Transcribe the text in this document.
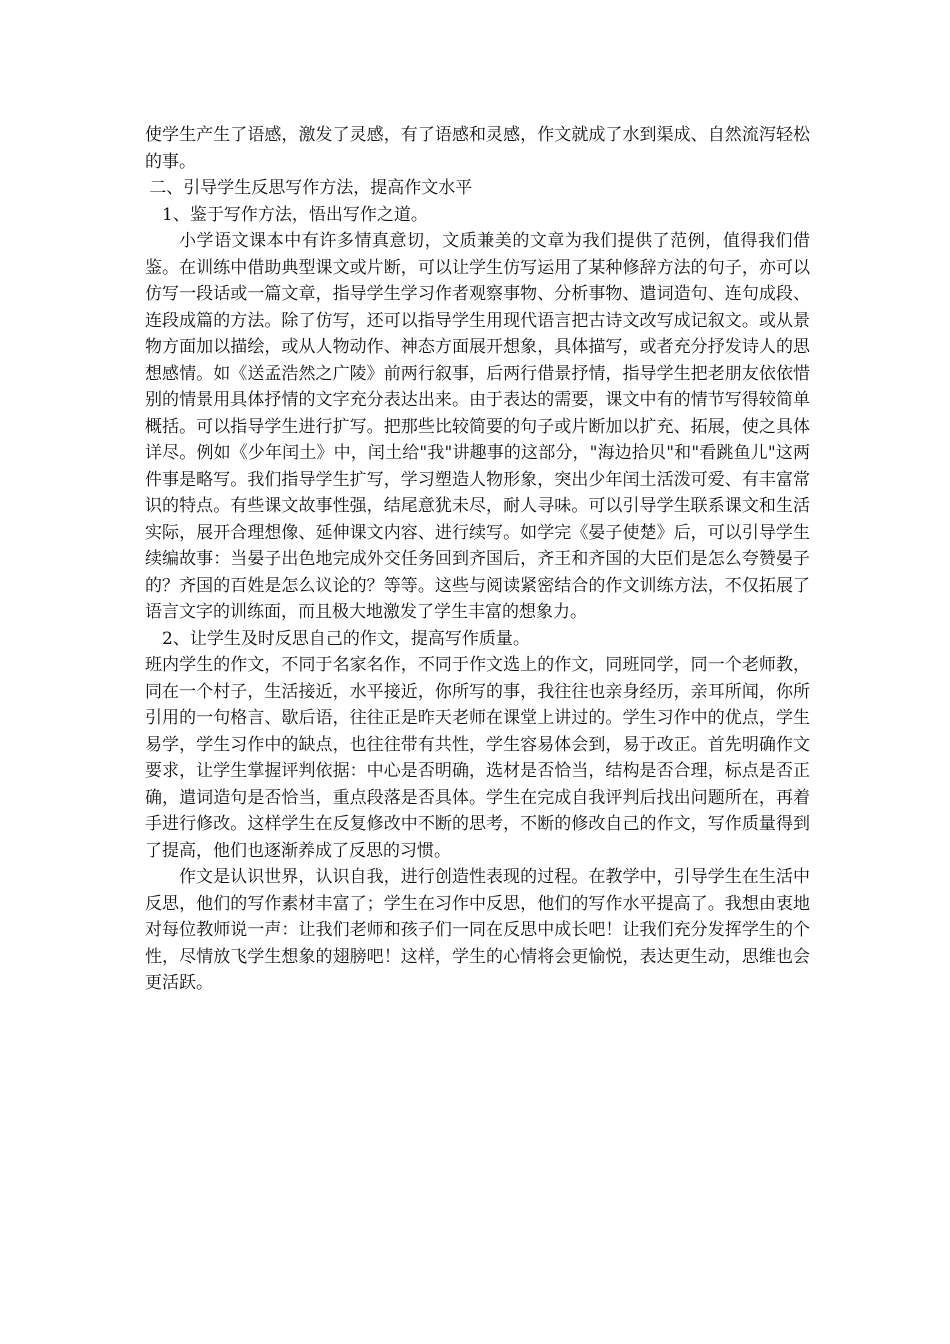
使学生产生了语感，激发了灵感，有了语感和灵感，作文就成了水到渠成、自然流泻轻松的事。

二、引导学生反思写作方法，提高作文水平

1、鉴于写作方法，悟出写作之道。

小学语文课本中有许多情真意切，文质兼美的文章为我们提供了范例，值得我们借鉴。在训练中借助典型课文或片断，可以让学生仿写运用了某种修辞方法的句子，亦可以仿写一段话或一篇文章，指导学生学习作者观察事物、分析事物、遣词造句、连句成段、连段成篇的方法。除了仿写，还可以指导学生用现代语言把古诗文改写成记叙文。或从景物方面加以描绘，或从人物动作、神态方面展开想象，具体描写，或者充分抒发诗人的思想感情。如《送孟浩然之广陵》前两行叙事，后两行借景抒情，指导学生把老朋友依依惜别的情景用具体抒情的文字充分表达出来。由于表达的需要，课文中有的情节写得较简单概括。可以指导学生进行扩写。把那些比较简要的句子或片断加以扩充、拓展，使之具体详尽。例如《少年闰土》中，闰土给"我"讲趣事的这部分，"海边拾贝"和"看跳鱼儿"这两件事是略写。我们指导学生扩写，学习塑造人物形象，突出少年闰土活泼可爱、有丰富常识的特点。有些课文故事性强，结尾意犹未尽，耐人寻味。可以引导学生联系课文和生活实际，展开合理想像、延伸课文内容、进行续写。如学完《晏子使楚》后，可以引导学生续编故事：当晏子出色地完成外交任务回到齐国后，齐王和齐国的大臣们是怎么夸赞晏子的？齐国的百姓是怎么议论的？等等。这些与阅读紧密结合的作文训练方法，不仅拓展了语言文字的训练面，而且极大地激发了学生丰富的想象力。

2、让学生及时反思自己的作文，提高写作质量。

班内学生的作文，不同于名家名作，不同于作文选上的作文，同班同学，同一个老师教，同在一个村子，生活接近，水平接近，你所写的事，我往往也亲身经历，亲耳所闻，你所引用的一句格言、歇后语，往往正是昨天老师在课堂上讲过的。学生习作中的优点，学生易学，学生习作中的缺点，也往往带有共性，学生容易体会到，易于改正。首先明确作文要求，让学生掌握评判依据：中心是否明确，选材是否恰当，结构是否合理，标点是否正确，遣词造句是否恰当，重点段落是否具体。学生在完成自我评判后找出问题所在，再着手进行修改。这样学生在反复修改中不断的思考，不断的修改自己的作文，写作质量得到了提高，他们也逐渐养成了反思的习惯。

作文是认识世界，认识自我，进行创造性表现的过程。在教学中，引导学生在生活中反思，他们的写作素材丰富了；学生在习作中反思，他们的写作水平提高了。我想由衷地对每位教师说一声：让我们老师和孩子们一同在反思中成长吧！让我们充分发挥学生的个性，尽情放飞学生想象的翅膀吧！这样，学生的心情将会更愉悦，表达更生动，思维也会更活跃。
